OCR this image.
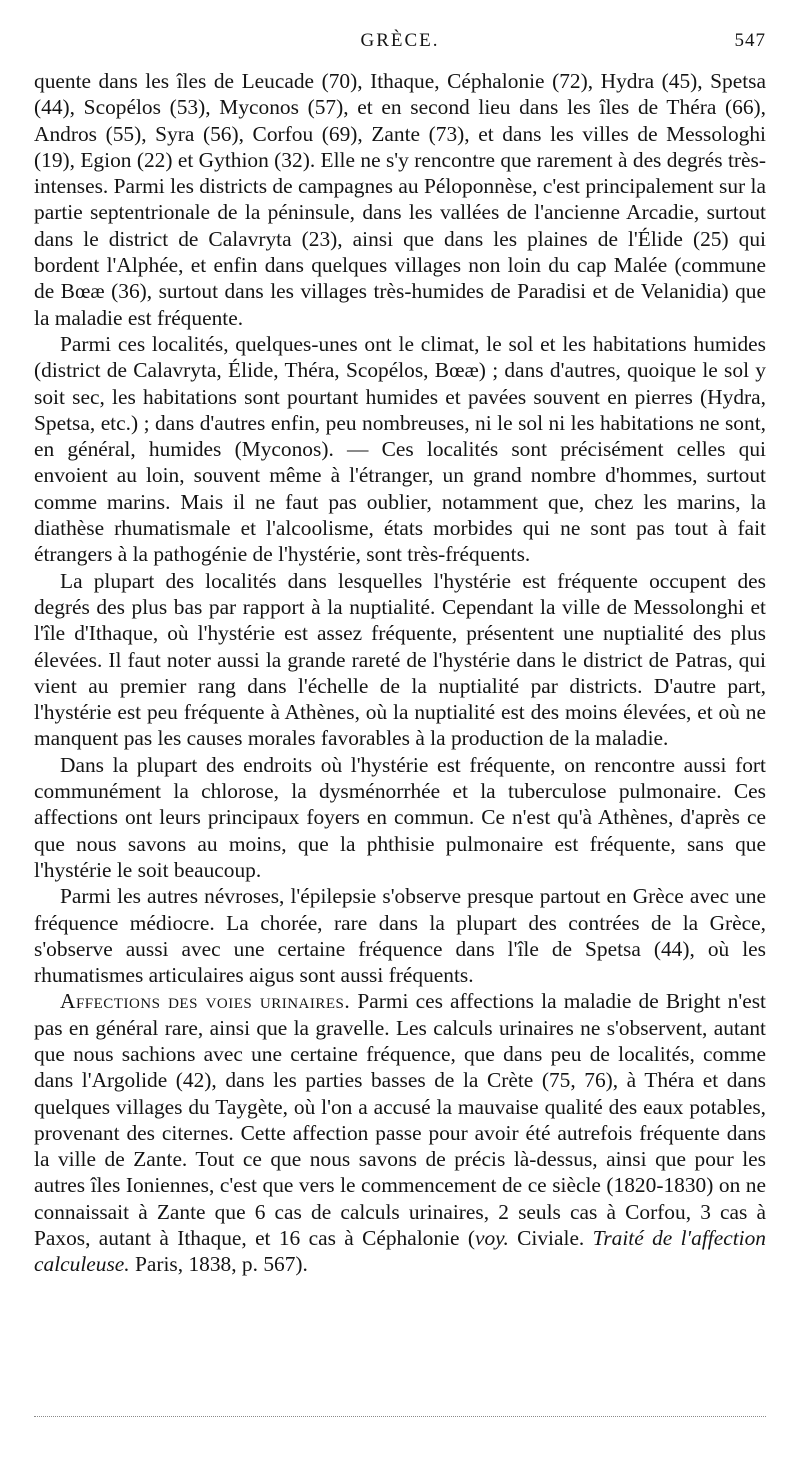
GRÈCE.	547

quente dans les îles de Leucade (70), Ithaque, Céphalonie (72), Hydra (45), Spetsa (44), Scopélos (53), Myconos (57), et en second lieu dans les îles de Théra (66), Andros (55), Syra (56), Corfou (69), Zante (73), et dans les villes de Messologhi (19), Egion (22) et Gythion (32). Elle ne s'y rencontre que rarement à des degrés très-intenses. Parmi les districts de campagnes au Péloponnèse, c'est principalement sur la partie septentrionale de la péninsule, dans les vallées de l'ancienne Arcadie, surtout dans le district de Calavryta (23), ainsi que dans les plaines de l'Élide (25) qui bordent l'Alphée, et enfin dans quelques villages non loin du cap Malée (commune de Bœæ (36), surtout dans les villages très-humides de Paradisi et de Velanidia) que la maladie est fréquente.

Parmi ces localités, quelques-unes ont le climat, le sol et les habitations humides (district de Calavryta, Élide, Théra, Scopélos, Bœæ) ; dans d'autres, quoique le sol y soit sec, les habitations sont pourtant humides et pavées souvent en pierres (Hydra, Spetsa, etc.) ; dans d'autres enfin, peu nombreuses, ni le sol ni les habitations ne sont, en général, humides (Myconos). — Ces localités sont précisément celles qui envoient au loin, souvent même à l'étranger, un grand nombre d'hommes, surtout comme marins. Mais il ne faut pas oublier, notamment que, chez les marins, la diathèse rhumatismale et l'alcoolisme, états morbides qui ne sont pas tout à fait étrangers à la pathogénie de l'hystérie, sont très-fréquents.

La plupart des localités dans lesquelles l'hystérie est fréquente occupent des degrés des plus bas par rapport à la nuptialité. Cependant la ville de Messolonghi et l'île d'Ithaque, où l'hystérie est assez fréquente, présentent une nuptialité des plus élevées. Il faut noter aussi la grande rareté de l'hystérie dans le district de Patras, qui vient au premier rang dans l'échelle de la nuptialité par districts. D'autre part, l'hystérie est peu fréquente à Athènes, où la nuptialité est des moins élevées, et où ne manquent pas les causes morales favorables à la production de la maladie.

Dans la plupart des endroits où l'hystérie est fréquente, on rencontre aussi fort communément la chlorose, la dysménorrhée et la tuberculose pulmonaire. Ces affections ont leurs principaux foyers en commun. Ce n'est qu'à Athènes, d'après ce que nous savons au moins, que la phthisie pulmonaire est fréquente, sans que l'hystérie le soit beaucoup.

Parmi les autres névroses, l'épilepsie s'observe presque partout en Grèce avec une fréquence médiocre. La chorée, rare dans la plupart des contrées de la Grèce, s'observe aussi avec une certaine fréquence dans l'île de Spetsa (44), où les rhumatismes articulaires aigus sont aussi fréquents.

Affections des voies urinaires. Parmi ces affections la maladie de Bright n'est pas en général rare, ainsi que la gravelle. Les calculs urinaires ne s'observent, autant que nous sachions avec une certaine fréquence, que dans peu de localités, comme dans l'Argolide (42), dans les parties basses de la Crète (75, 76), à Théra et dans quelques villages du Taygète, où l'on a accusé la mauvaise qualité des eaux potables, provenant des citernes. Cette affection passe pour avoir été autrefois fréquente dans la ville de Zante. Tout ce que nous savons de précis là-dessus, ainsi que pour les autres îles Ioniennes, c'est que vers le commencement de ce siècle (1820-1830) on ne connaissait à Zante que 6 cas de calculs urinaires, 2 seuls cas à Corfou, 3 cas à Paxos, autant à Ithaque, et 16 cas à Céphalonie (voy. Civiale. Traité de l'affection calculeuse. Paris, 1838, p. 567).
